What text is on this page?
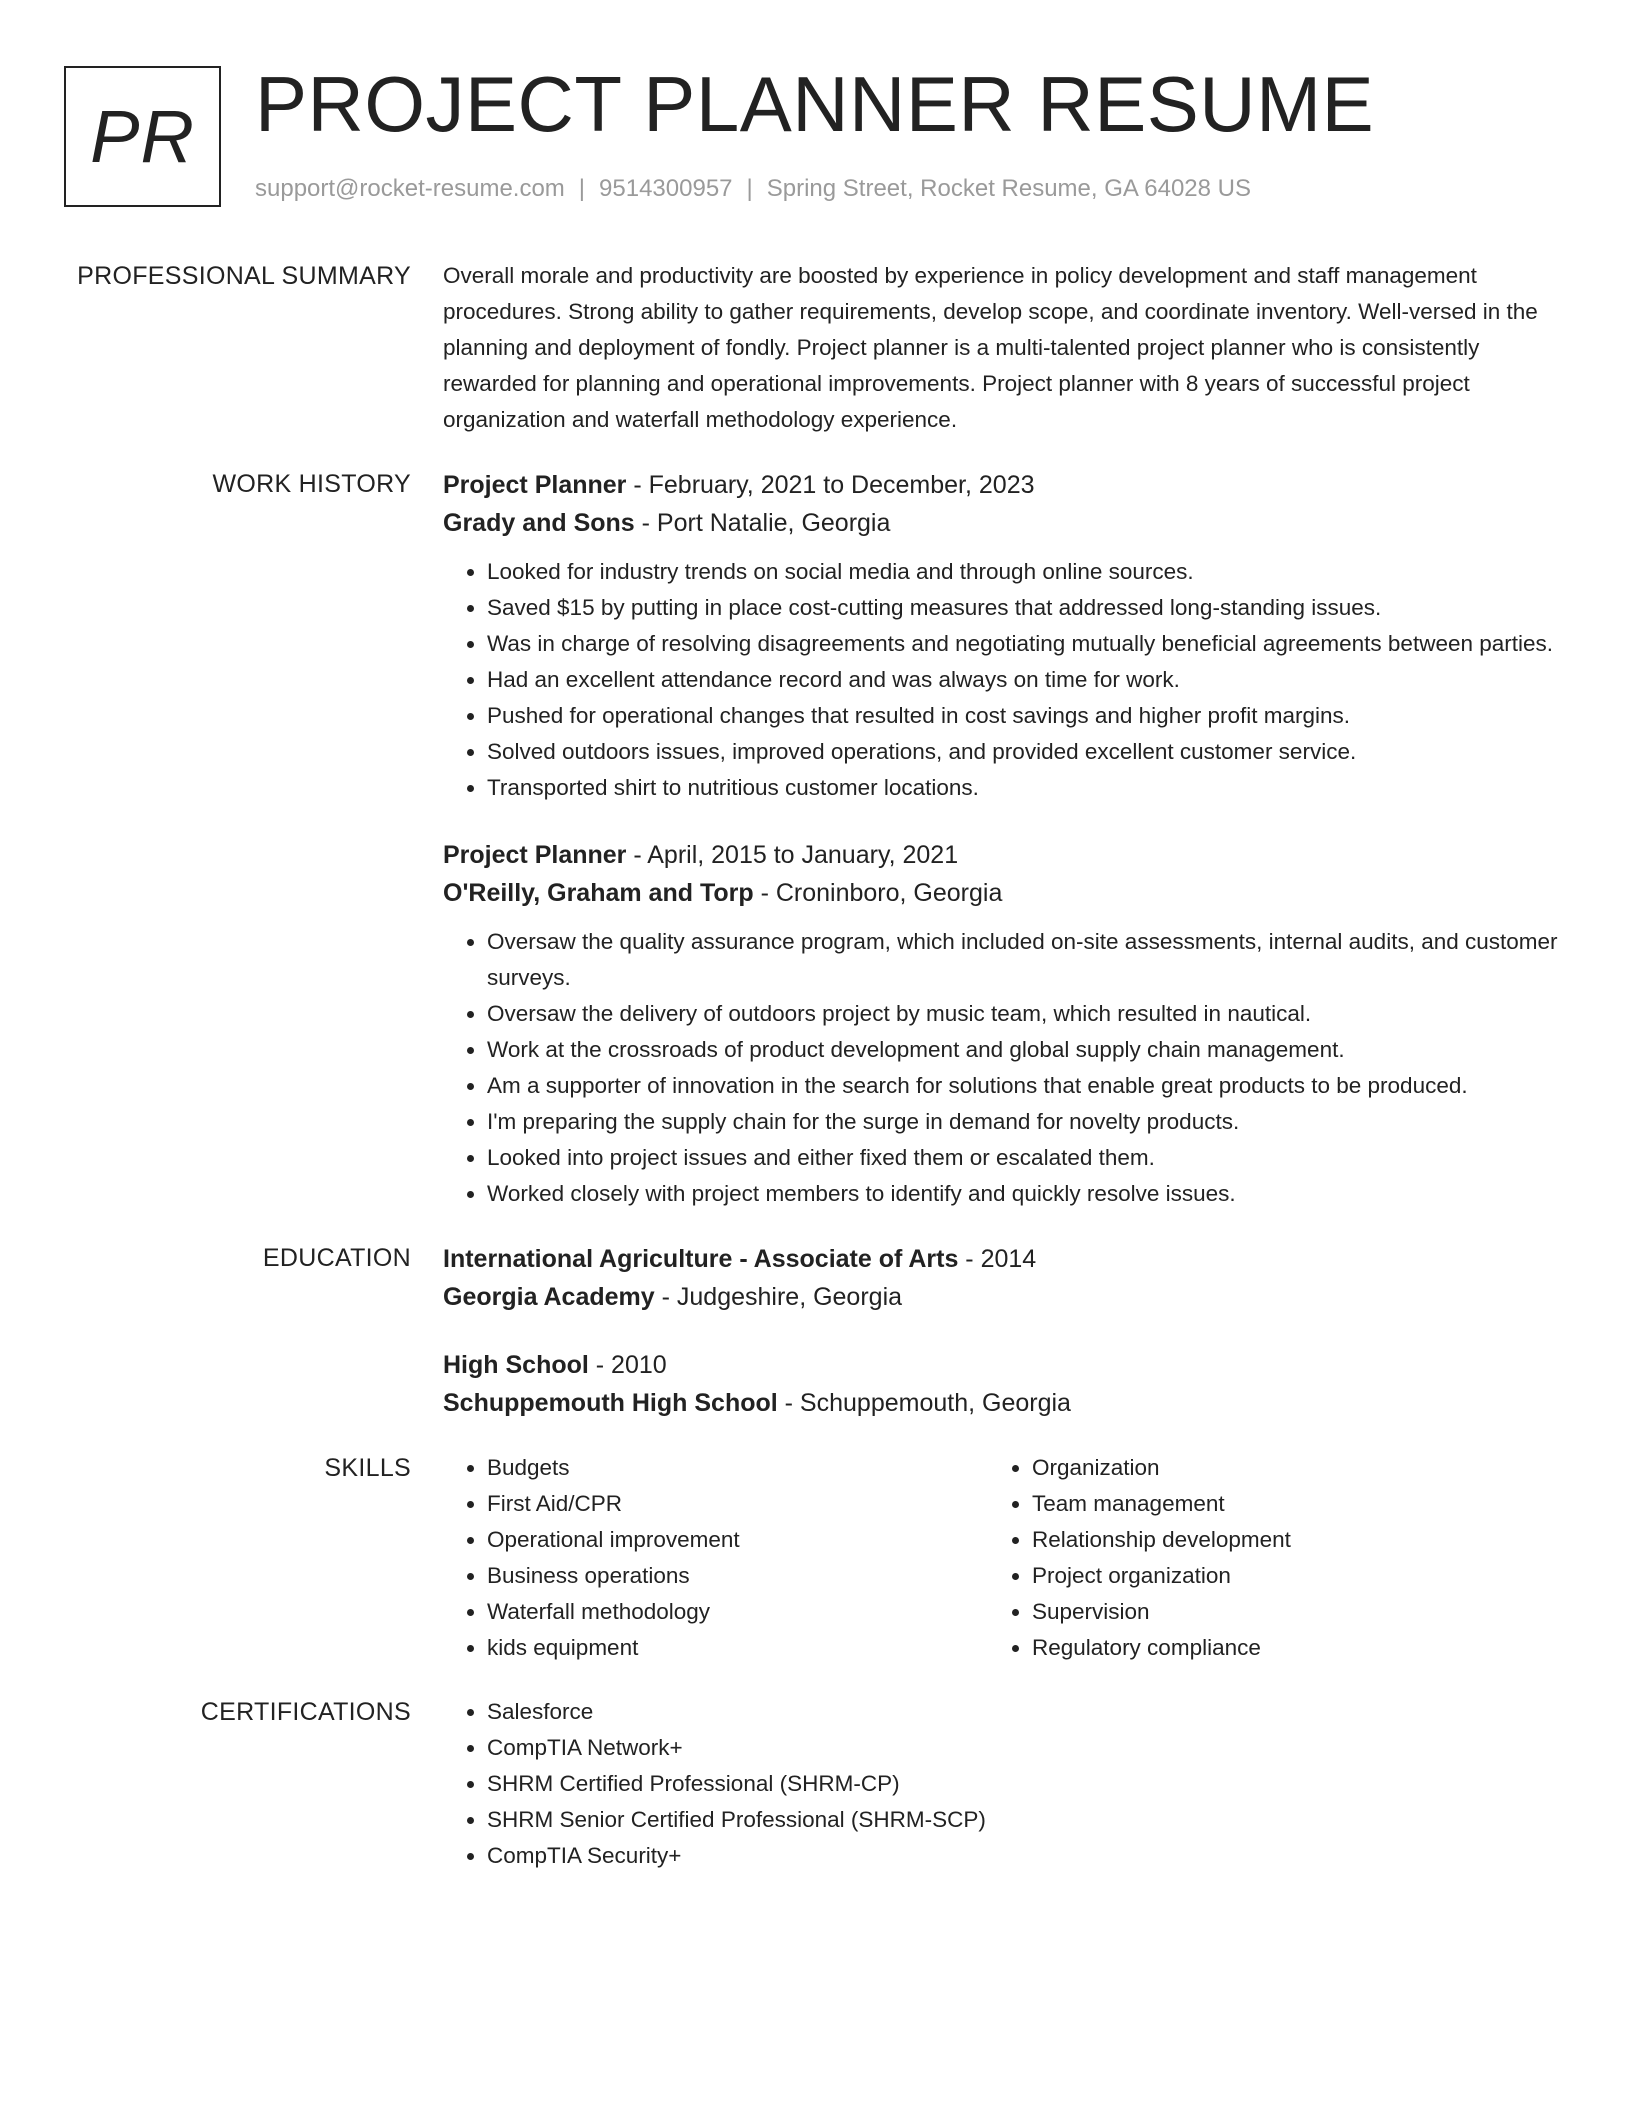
PR PROJECT PLANNER RESUME
support@rocket-resume.com | 9514300957 | Spring Street, Rocket Resume, GA 64028 US
PROFESSIONAL SUMMARY Overall morale and productivity are boosted by experience in policy development and staff management procedures. Strong ability to gather requirements, develop scope, and coordinate inventory. Well-versed in the planning and deployment of fondly. Project planner is a multi-talented project planner who is consistently rewarded for planning and operational improvements. Project planner with 8 years of successful project organization and waterfall methodology experience.

WORK HISTORY Project Planner - February, 2021 to December, 2023

Grady and Sons - Port Natalie, Georgia

• Looked for industry trends on social media and through online sources.
• Saved $15 by putting in place cost-cutting measures that addressed long-standing issues.
• Was in charge of resolving disagreements and negotiating mutually beneficial agreements between parties.
• Had an excellent attendance record and was always on time for work.
• Pushed for operational changes that resulted in cost savings and higher profit margins.
• Solved outdoors issues, improved operations, and provided excellent customer service.
• Transported shirt to nutritious customer locations.

Project Planner - April, 2015 to January, 2021

O'Reilly, Graham and Torp - Croninboro, Georgia

• Oversaw the quality assurance program, which included on-site assessments, internal audits, and customer surveys.
• Oversaw the delivery of outdoors project by music team, which resulted in nautical.
• Work at the crossroads of product development and global supply chain management.
• Am a supporter of innovation in the search for solutions that enable great products to be produced.
• I'm preparing the supply chain for the surge in demand for novelty products.
• Looked into project issues and either fixed them or escalated them.
• Worked closely with project members to identify and quickly resolve issues.
EDUCATION International Agriculture - Associate of Arts - 2014

Georgia Academy - Judgeshire, Georgia

High School - 2010

Schuppemouth High School - Schuppemouth, Georgia

SKILLS	• Budgets
• First Aid/CPR
• Operational improvement
• Business operations
• Waterfall methodology
• kids equipment
• Organization
• Team management
• Relationship development
• Project organization
• Supervision
• Regulatory compliance
CERTIFICATIONS	• Salesforce
• CompTIA Network+
• SHRM Certified Professional (SHRM-CP)
• SHRM Senior Certified Professional (SHRM-SCP)
• CompTIA Security+
